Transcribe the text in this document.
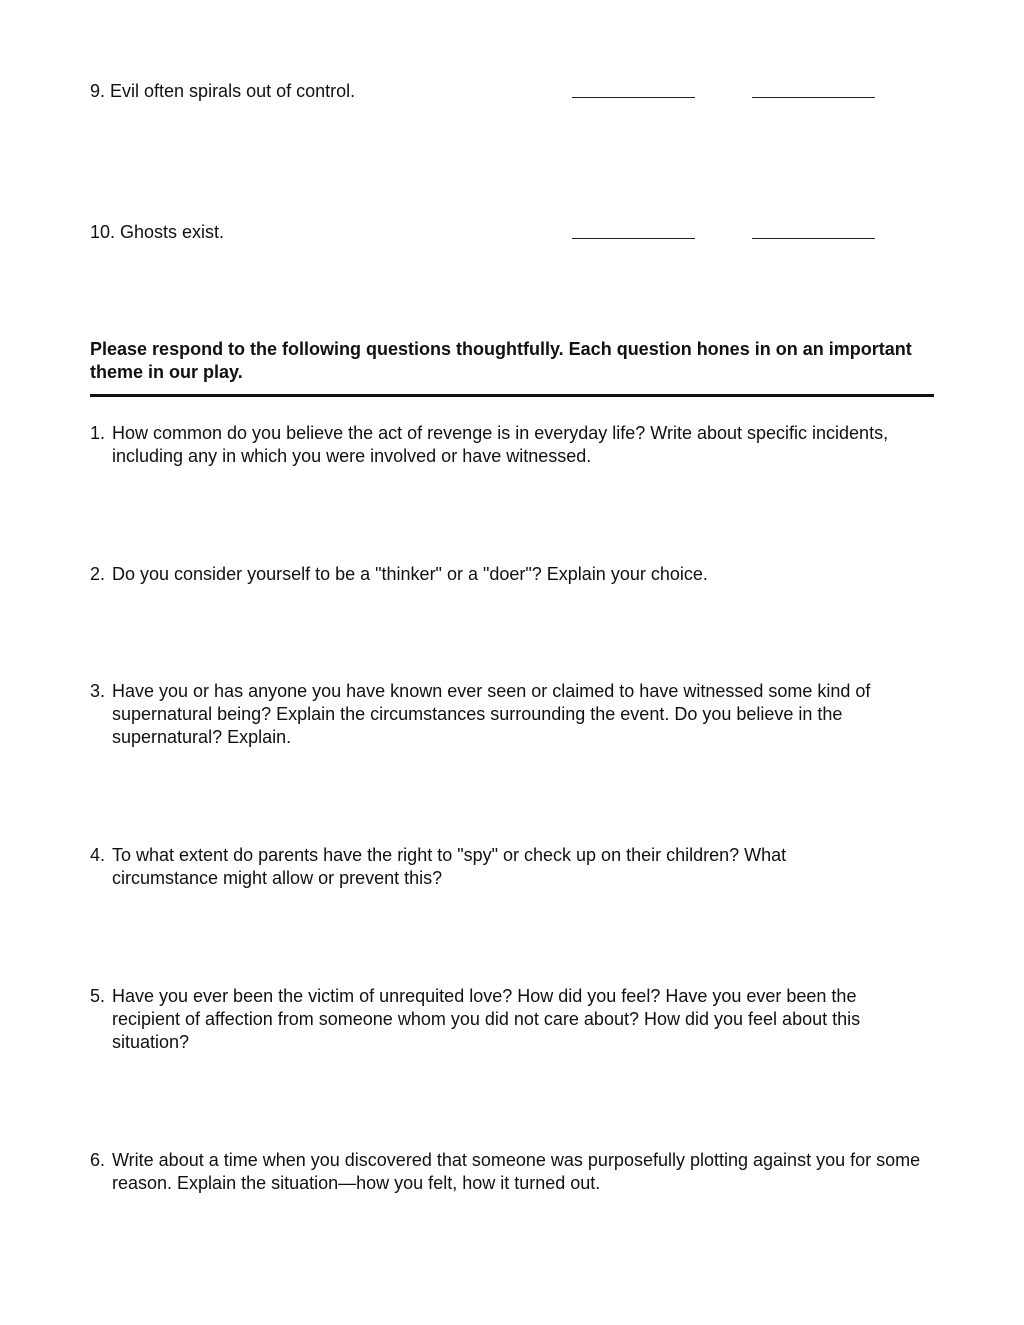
9. Evil often spirals out of control.
10. Ghosts exist.
Please respond to the following questions thoughtfully. Each question hones in on an important theme in our play.
1. How common do you believe the act of revenge is in everyday life? Write about specific incidents, including any in which you were involved or have witnessed.
2. Do you consider yourself to be a "thinker" or a "doer"? Explain your choice.
3. Have you or has anyone you have known ever seen or claimed to have witnessed some kind of supernatural being? Explain the circumstances surrounding the event. Do you believe in the supernatural? Explain.
4. To what extent do parents have the right to "spy" or check up on their children? What circumstance might allow or prevent this?
5. Have you ever been the victim of unrequited love? How did you feel? Have you ever been the recipient of affection from someone whom you did not care about? How did you feel about this situation?
6. Write about a time when you discovered that someone was purposefully plotting against you for some reason. Explain the situation—how you felt, how it turned out.
